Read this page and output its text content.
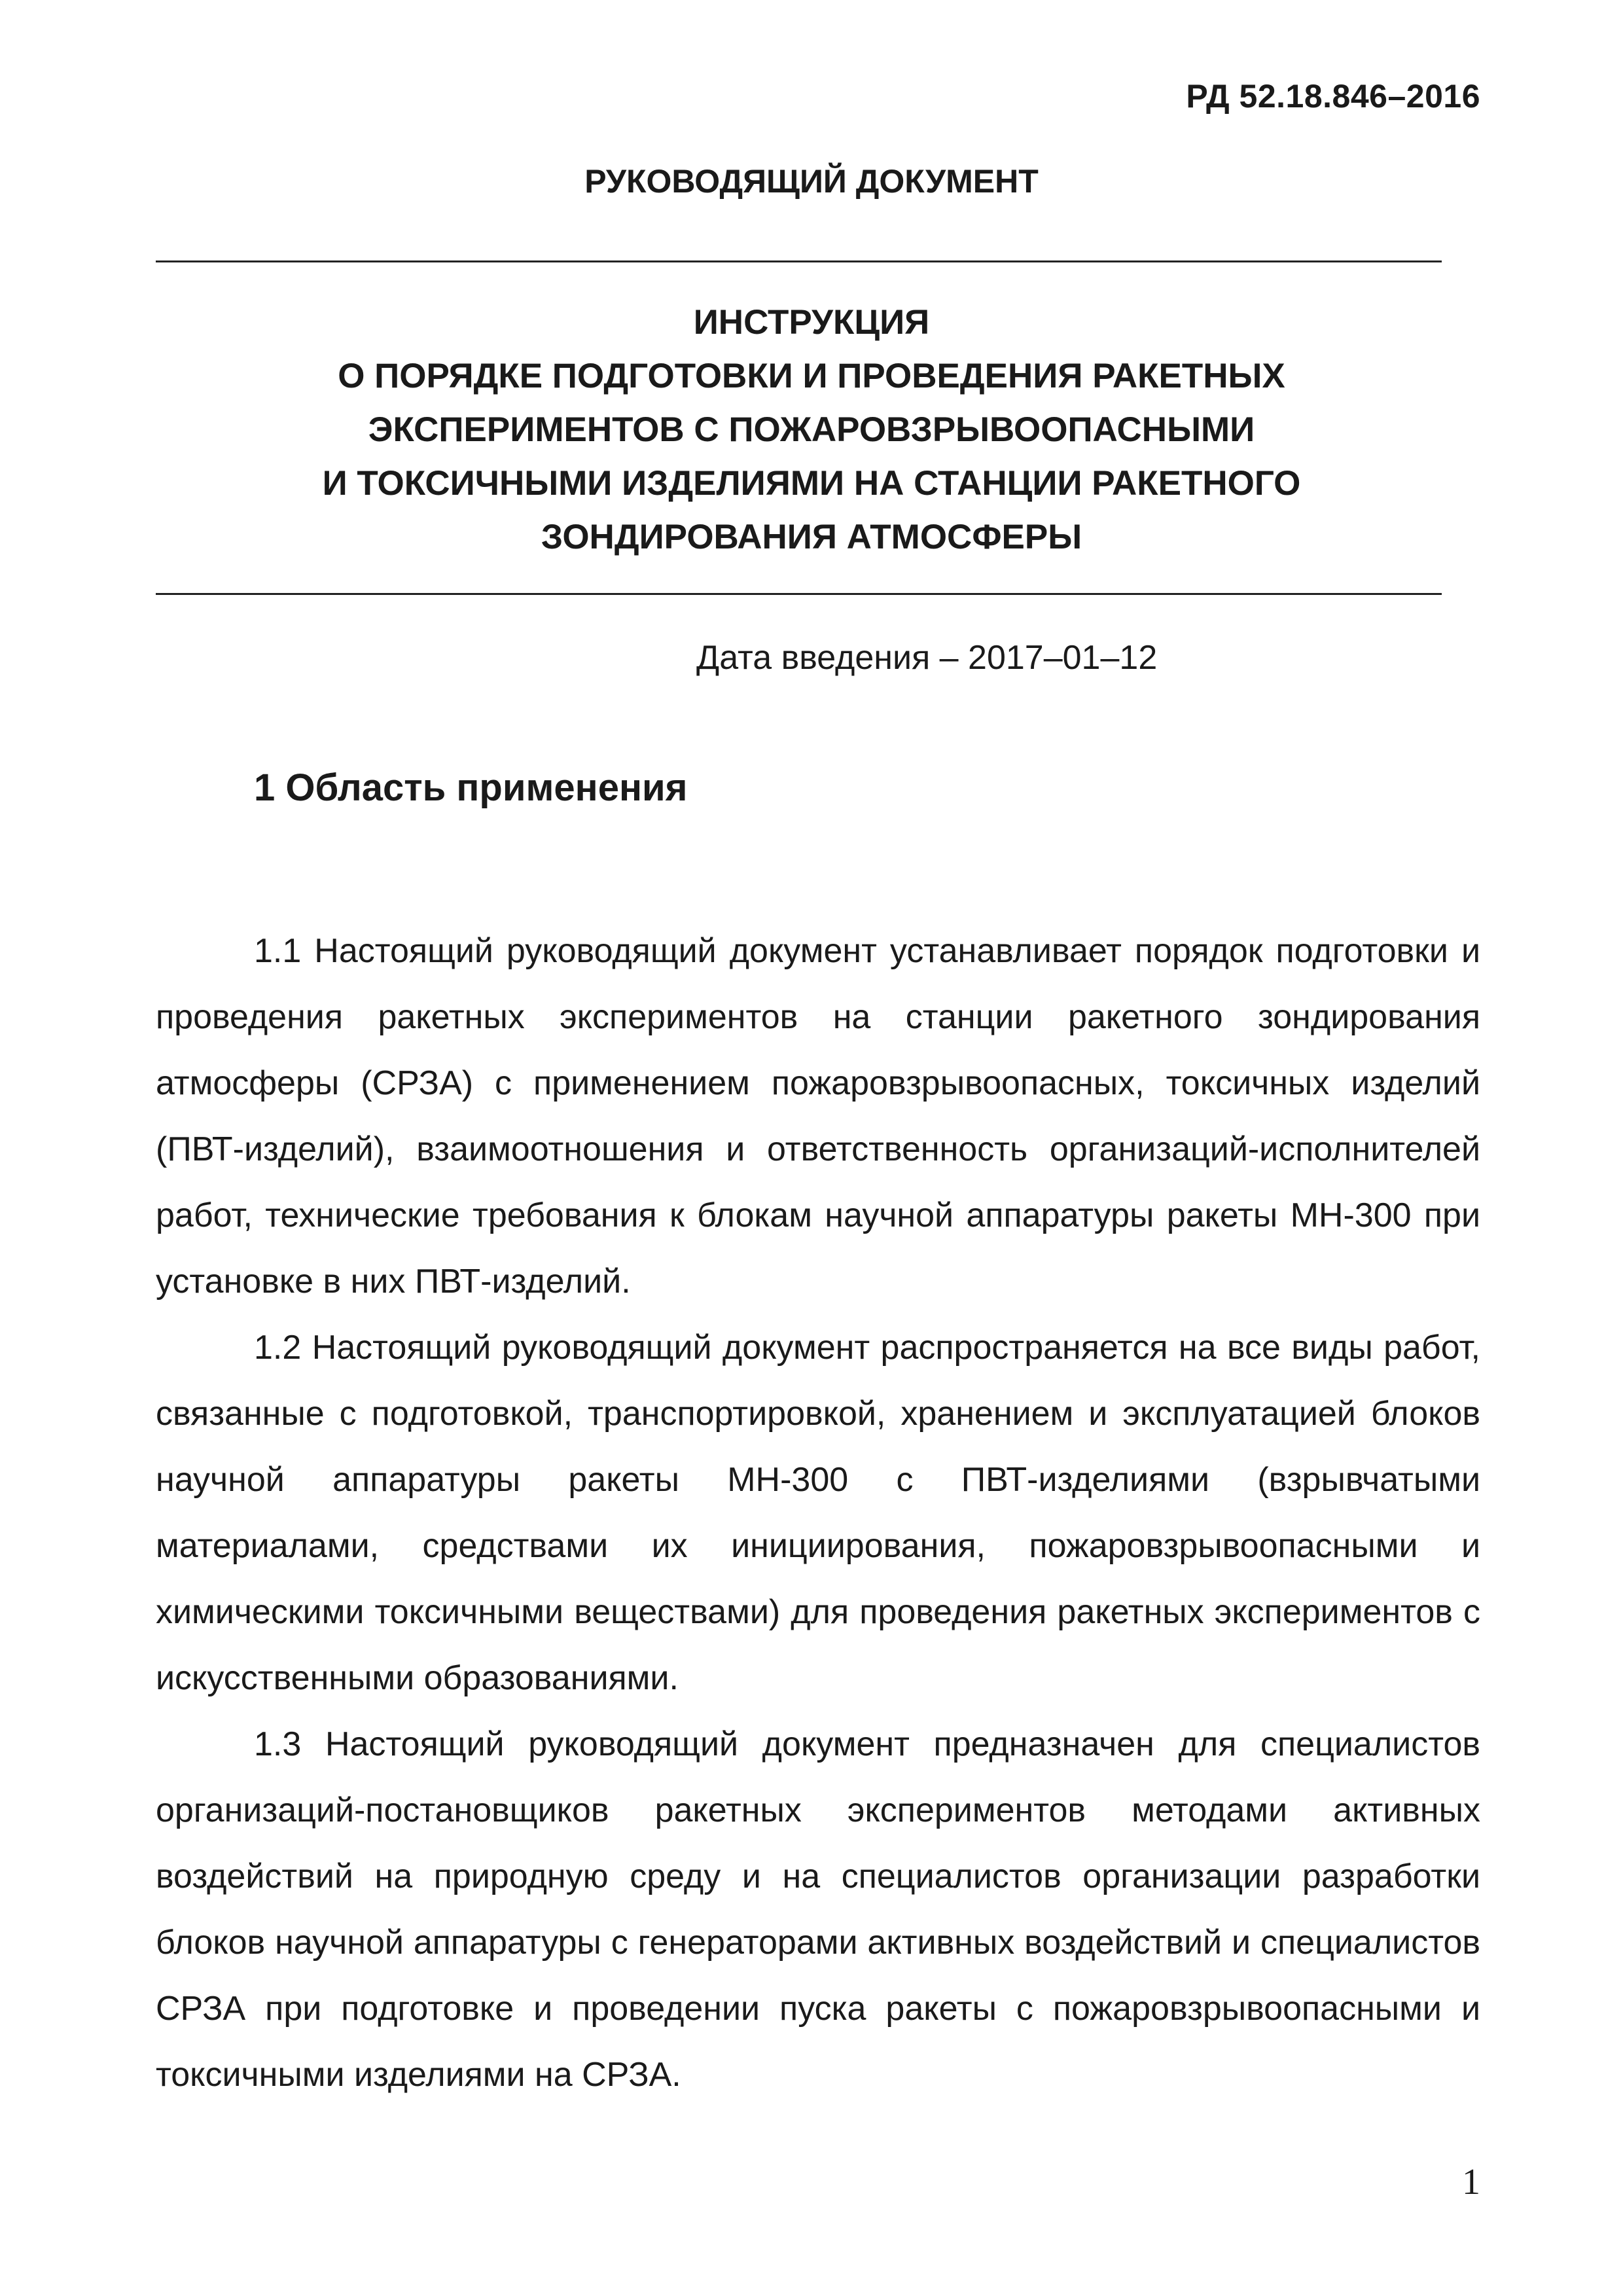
РД 52.18.846–2016
РУКОВОДЯЩИЙ ДОКУМЕНТ
ИНСТРУКЦИЯ
О ПОРЯДКЕ ПОДГОТОВКИ И ПРОВЕДЕНИЯ РАКЕТНЫХ
ЭКСПЕРИМЕНТОВ С ПОЖАРОВЗРЫВООПАСНЫМИ
И ТОКСИЧНЫМИ ИЗДЕЛИЯМИ НА СТАНЦИИ РАКЕТНОГО
ЗОНДИРОВАНИЯ АТМОСФЕРЫ
Дата введения – 2017–01–12
1 Область применения

1.1 Настоящий руководящий документ устанавливает порядок подготовки и проведения ракетных экспериментов на станции ракетного зондирования атмосферы (СРЗА) с применением пожаровзрывоопасных, токсичных изделий (ПВТ-изделий), взаимоотношения и ответственность организаций-исполнителей работ, технические требования к блокам научной аппаратуры ракеты МН-300 при установке в них ПВТ-изделий.

1.2 Настоящий руководящий документ распространяется на все виды работ, связанные с подготовкой, транспортировкой, хранением и эксплуатацией блоков научной аппаратуры ракеты МН-300 с ПВТ-изделиями (взрывчатыми материалами, средствами их инициирования, пожаровзрывоопасными и химическими токсичными веществами) для проведения ракетных экспериментов с искусственными образованиями.

1.3 Настоящий руководящий документ предназначен для специалистов организаций-постановщиков ракетных экспериментов методами активных воздействий на природную среду и на специалистов организации разработки блоков научной аппаратуры с генераторами активных воздействий и специалистов СРЗА при подготовке и проведении пуска ракеты с пожаровзрывоопасными и токсичными изделиями на СРЗА.

1
